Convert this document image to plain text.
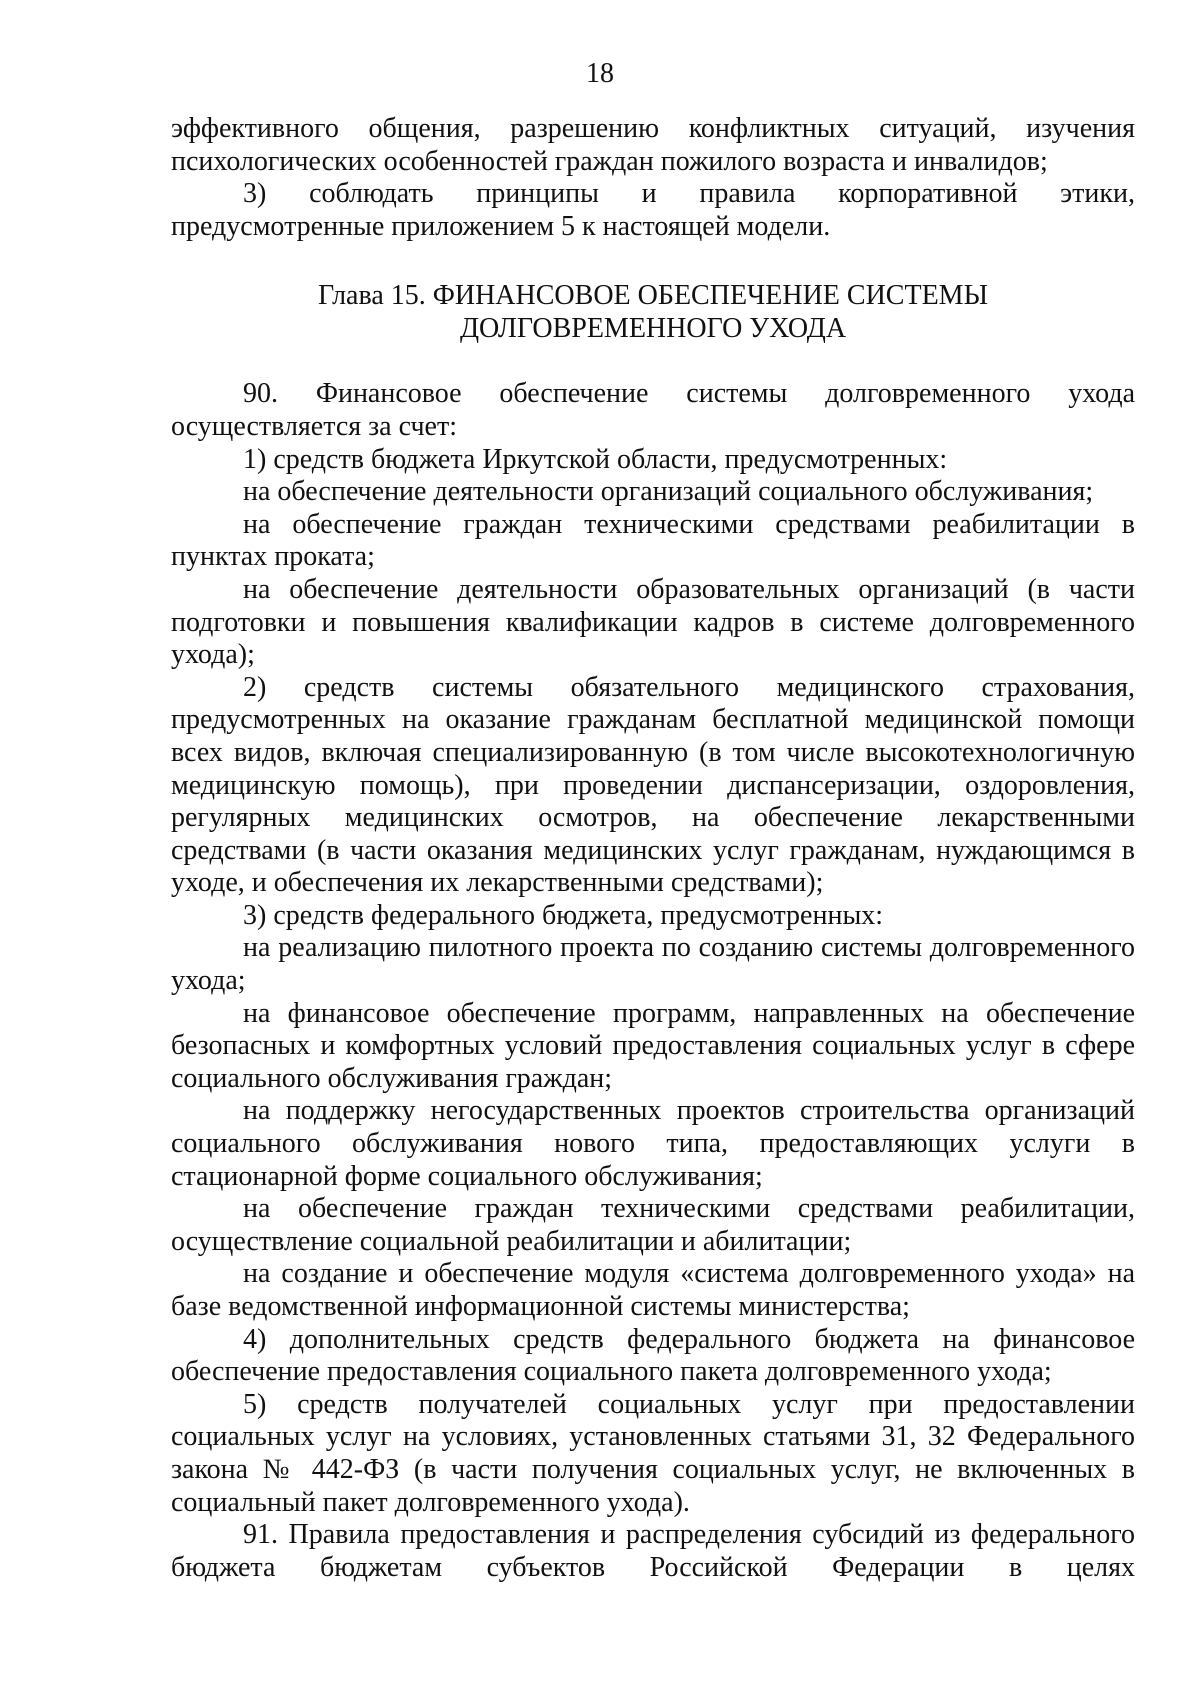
18

эффективного общения, разрешению конфликтных ситуаций, изучения психологических особенностей граждан пожилого возраста и инвалидов;

3) соблюдать принципы и правила корпоративной этики, предусмотренные приложением 5 к настоящей модели.

Глава 15. ФИНАНСОВОЕ ОБЕСПЕЧЕНИЕ СИСТЕМЫ
ДОЛГОВРЕМЕННОГО УХОДА

90. Финансовое обеспечение системы долговременного ухода осуществляется за счет:

1) средств бюджета Иркутской области, предусмотренных:

на обеспечение деятельности организаций социального обслуживания;

на обеспечение граждан техническими средствами реабилитации в пунктах проката;

на обеспечение деятельности образовательных организаций (в части подготовки и повышения квалификации кадров в системе долговременного ухода);

2) средств системы обязательного медицинского страхования, предусмотренных на оказание гражданам бесплатной медицинской помощи всех видов, включая специализированную (в том числе высокотехнологичную медицинскую помощь), при проведении диспансеризации, оздоровления, регулярных медицинских осмотров, на обеспечение лекарственными средствами (в части оказания медицинских услуг гражданам, нуждающимся в уходе, и обеспечения их лекарственными средствами);

3) средств федерального бюджета, предусмотренных:

на реализацию пилотного проекта по созданию системы долговременного ухода;

на финансовое обеспечение программ, направленных на обеспечение безопасных и комфортных условий предоставления социальных услуг в сфере социального обслуживания граждан;

на поддержку негосударственных проектов строительства организаций социального обслуживания нового типа, предоставляющих услуги в стационарной форме социального обслуживания;

на обеспечение граждан техническими средствами реабилитации, осуществление социальной реабилитации и абилитации;

на создание и обеспечение модуля «система долговременного ухода» на базе ведомственной информационной системы министерства;

4) дополнительных средств федерального бюджета на финансовое обеспечение предоставления социального пакета долговременного ухода;

5) средств получателей социальных услуг при предоставлении социальных услуг на условиях, установленных статьями 31, 32 Федерального закона № 442-ФЗ (в части получения социальных услуг, не включенных в социальный пакет долговременного ухода).

91. Правила предоставления и распределения субсидий из федерального бюджета бюджетам субъектов Российской Федерации в целях
